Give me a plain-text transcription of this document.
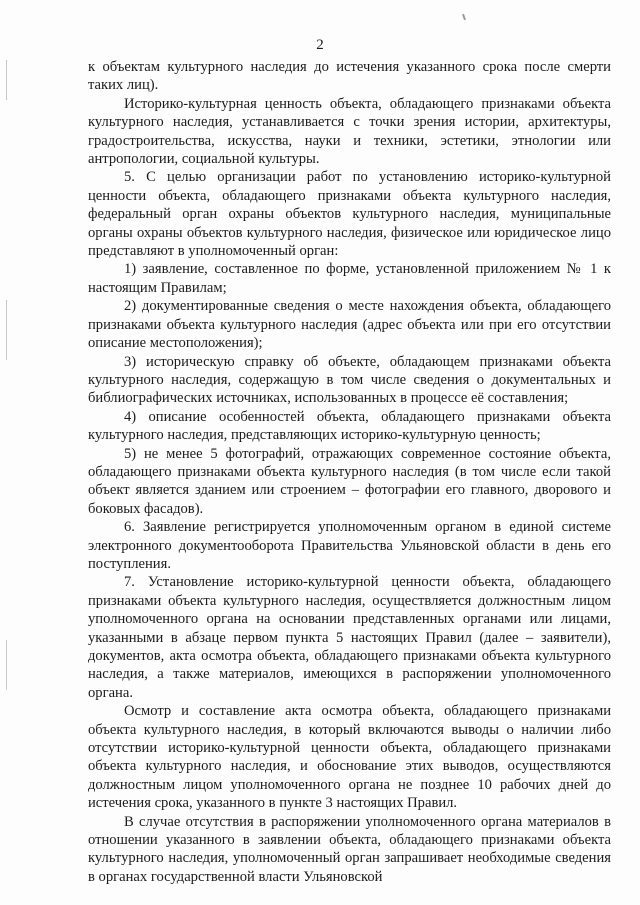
2

к объектам культурного наследия до истечения указанного срока после смерти таких лиц).

Историко-культурная ценность объекта, обладающего признаками объекта культурного наследия, устанавливается с точки зрения истории, архитектуры, градостроительства, искусства, науки и техники, эстетики, этнологии или антропологии, социальной культуры.

5. С целью организации работ по установлению историко-культурной ценности объекта, обладающего признаками объекта культурного наследия, федеральный орган охраны объектов культурного наследия, муниципальные органы охраны объектов культурного наследия, физическое или юридическое лицо представляют в уполномоченный орган:

1) заявление, составленное по форме, установленной приложением № 1 к настоящим Правилам;

2) документированные сведения о месте нахождения объекта, обладающего признаками объекта культурного наследия (адрес объекта или при его отсутствии описание местоположения);

3) историческую справку об объекте, обладающем признаками объекта культурного наследия, содержащую в том числе сведения о документальных и библиографических источниках, использованных в процессе её составления;

4) описание особенностей объекта, обладающего признаками объекта культурного наследия, представляющих историко-культурную ценность;

5) не менее 5 фотографий, отражающих современное состояние объекта, обладающего признаками объекта культурного наследия (в том числе если такой объект является зданием или строением – фотографии его главного, дворового и боковых фасадов).

6. Заявление регистрируется уполномоченным органом в единой системе электронного документооборота Правительства Ульяновской области в день его поступления.

7. Установление историко-культурной ценности объекта, обладающего признаками объекта культурного наследия, осуществляется должностным лицом уполномоченного органа на основании представленных органами или лицами, указанными в абзаце первом пункта 5 настоящих Правил (далее – заявители), документов, акта осмотра объекта, обладающего признаками объекта культурного наследия, а также материалов, имеющихся в распоряжении уполномоченного органа.

Осмотр и составление акта осмотра объекта, обладающего признаками объекта культурного наследия, в который включаются выводы о наличии либо отсутствии историко-культурной ценности объекта, обладающего признаками объекта культурного наследия, и обоснование этих выводов, осуществляются должностным лицом уполномоченного органа не позднее 10 рабочих дней до истечения срока, указанного в пункте 3 настоящих Правил.

В случае отсутствия в распоряжении уполномоченного органа материалов в отношении указанного в заявлении объекта, обладающего признаками объекта культурного наследия, уполномоченный орган запрашивает необходимые сведения в органах государственной власти Ульяновской
